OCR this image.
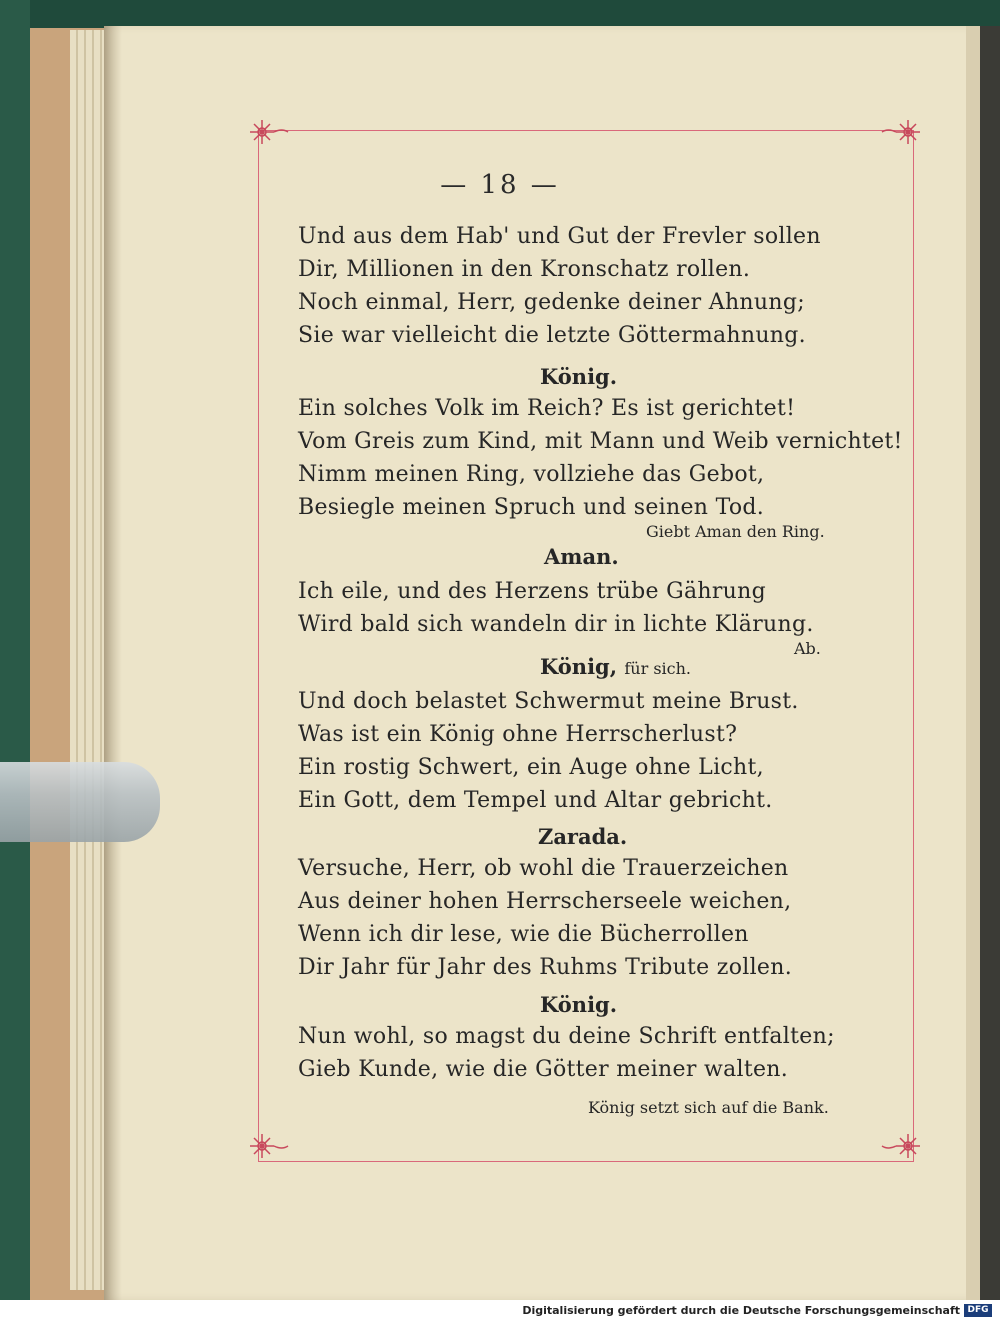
— 18 —
Und aus dem Hab' und Gut der Frevler sollen
Dir, Millionen in den Kronschatz rollen.
Noch einmal, Herr, gedenke deiner Ahnung;
Sie war vielleicht die letzte Göttermahnung.
König.
Ein solches Volk im Reich? Es ist gerichtet!
Vom Greis zum Kind, mit Mann und Weib vernichtet!
Nimm meinen Ring, vollziehe das Gebot,
Besiegle meinen Spruch und seinen Tod.
Giebt Aman den Ring.
Aman.
Ich eile, und des Herzens trübe Gährung
Wird bald sich wandeln dir in lichte Klärung.
Ab.
König, für sich.
Und doch belastet Schwermut meine Brust.
Was ist ein König ohne Herrscherlust?
Ein rostig Schwert, ein Auge ohne Licht,
Ein Gott, dem Tempel und Altar gebricht.
Zarada.
Versuche, Herr, ob wohl die Trauerzeichen
Aus deiner hohen Herrscherseele weichen,
Wenn ich dir lese, wie die Bücherrollen
Dir Jahr für Jahr des Ruhms Tribute zollen.
König.
Nun wohl, so magst du deine Schrift entfalten;
Gieb Kunde, wie die Götter meiner walten.
König setzt sich auf die Bank.
Digitalisierung gefördert durch die Deutsche Forschungsgemeinschaft DFG
